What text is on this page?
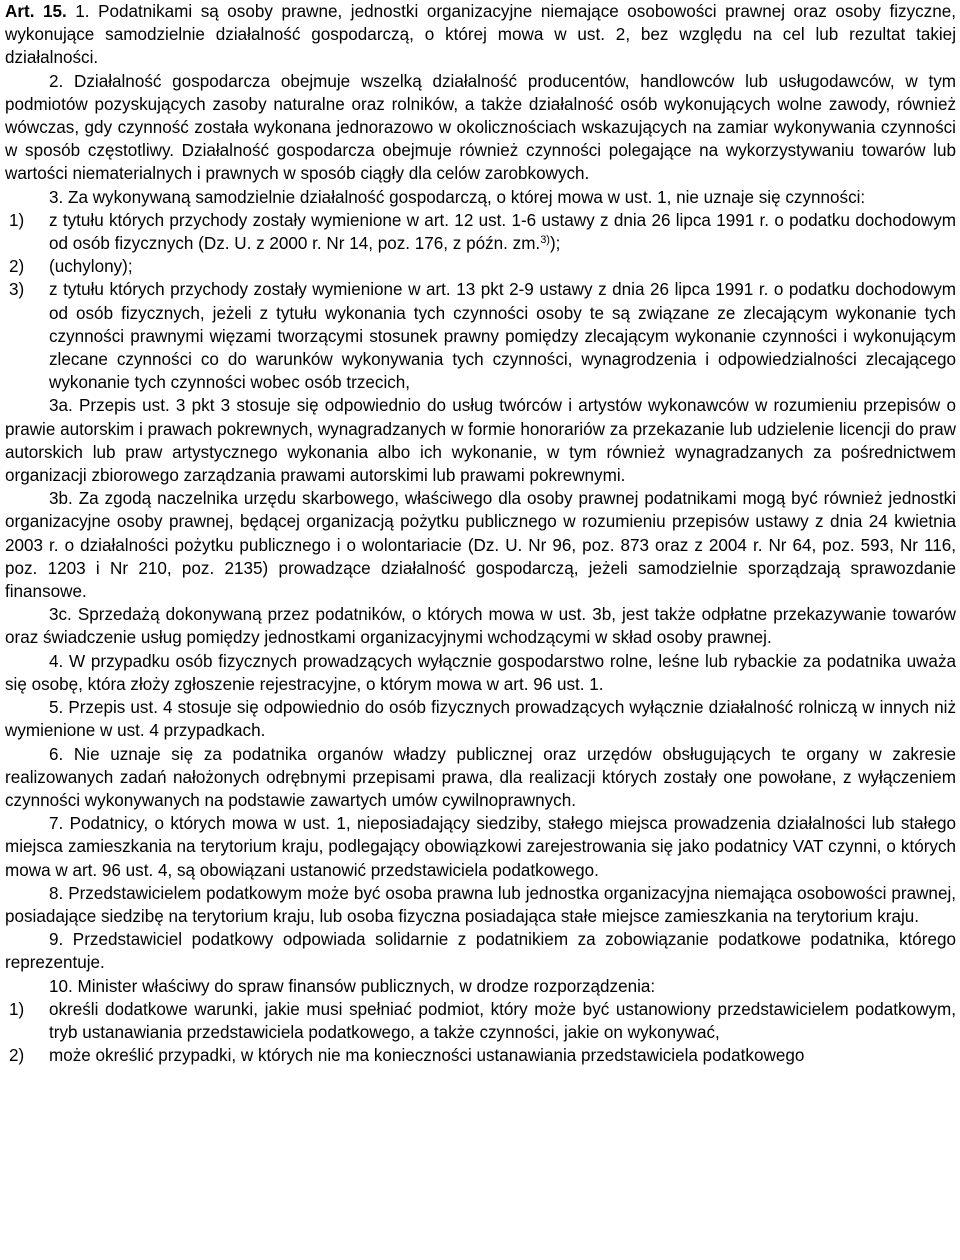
Art. 15. 1. Podatnikami są osoby prawne, jednostki organizacyjne niemające osobowości prawnej oraz osoby fizyczne, wykonujące samodzielnie działalność gospodarczą, o której mowa w ust. 2, bez względu na cel lub rezultat takiej działalności.

2. Działalność gospodarcza obejmuje wszelką działalność producentów, handlowców lub usługodawców, w tym podmiotów pozyskujących zasoby naturalne oraz rolników, a także działalność osób wykonujących wolne zawody, również wówczas, gdy czynność została wykonana jednorazowo w okolicznościach wskazujących na zamiar wykonywania czynności w sposób częstotliwy. Działalność gospodarcza obejmuje również czynności polegające na wykorzystywaniu towarów lub wartości niematerialnych i prawnych w sposób ciągły dla celów zarobkowych.

3. Za wykonywaną samodzielnie działalność gospodarczą, o której mowa w ust. 1, nie uznaje się czynności:

1)	z tytułu których przychody zostały wymienione w art. 12 ust. 1-6 ustawy z dnia 26 lipca 1991 r. o podatku dochodowym od osób fizycznych (Dz. U. z 2000 r. Nr 14, poz. 176, z późn. zm.$^{3)}$);
2)	(uchylony);
3)	z tytułu których przychody zostały wymienione w art. 13 pkt 2-9 ustawy z dnia 26 lipca 1991 r. o podatku dochodowym od osób fizycznych, jeżeli z tytułu wykonania tych czynności osoby te są związane ze zlecającym wykonanie tych czynności prawnymi więzami tworzącymi stosunek prawny pomiędzy zlecającym wykonanie czynności i wykonującym zlecane czynności co do warunków wykonywania tych czynności, wynagrodzenia i odpowiedzialności zlecającego wykonanie tych czynności wobec osób trzecich,

3a. Przepis ust. 3 pkt 3 stosuje się odpowiednio do usług twórców i artystów wykonawców w rozumieniu przepisów o prawie autorskim i prawach pokrewnych, wynagradzanych w formie honorariów za przekazanie lub udzielenie licencji do praw autorskich lub praw artystycznego wykonania albo ich wykonanie, w tym również wynagradzanych za pośrednictwem organizacji zbiorowego zarządzania prawami autorskimi lub prawami pokrewnymi.

3b. Za zgodą naczelnika urzędu skarbowego, właściwego dla osoby prawnej podatnikami mogą być również jednostki organizacyjne osoby prawnej, będącej organizacją pożytku publicznego w rozumieniu przepisów ustawy z dnia 24 kwietnia 2003 r. o działalności pożytku publicznego i o wolontariacie (Dz. U. Nr 96, poz. 873 oraz z 2004 r. Nr 64, poz. 593, Nr 116, poz. 1203 i Nr 210, poz. 2135) prowadzące działalność gospodarczą, jeżeli samodzielnie sporządzają sprawozdanie finansowe.

3c. Sprzedażą dokonywaną przez podatników, o których mowa w ust. 3b, jest także odpłatne przekazywanie towarów oraz świadczenie usług pomiędzy jednostkami organizacyjnymi wchodzącymi w skład osoby prawnej.

4. W przypadku osób fizycznych prowadzących wyłącznie gospodarstwo rolne, leśne lub rybackie za podatnika uważa się osobę, która złoży zgłoszenie rejestracyjne, o którym mowa w art. 96 ust. 1.

5. Przepis ust. 4 stosuje się odpowiednio do osób fizycznych prowadzących wyłącznie działalność rolniczą w innych niż wymienione w ust. 4 przypadkach.

6. Nie uznaje się za podatnika organów władzy publicznej oraz urzędów obsługujących te organy w zakresie realizowanych zadań nałożonych odrębnymi przepisami prawa, dla realizacji których zostały one powołane, z wyłączeniem czynności wykonywanych na podstawie zawartych umów cywilnoprawnych.

7. Podatnicy, o których mowa w ust. 1, nieposiadający siedziby, stałego miejsca prowadzenia działalności lub stałego miejsca zamieszkania na terytorium kraju, podlegający obowiązkowi zarejestrowania się jako podatnicy VAT czynni, o których mowa w art. 96 ust. 4, są obowiązani ustanowić przedstawiciela podatkowego.

8. Przedstawicielem podatkowym może być osoba prawna lub jednostka organizacyjna niemająca osobowości prawnej, posiadające siedzibę na terytorium kraju, lub osoba fizyczna posiadająca stałe miejsce zamieszkania na terytorium kraju.

9. Przedstawiciel podatkowy odpowiada solidarnie z podatnikiem za zobowiązanie podatkowe podatnika, którego reprezentuje.

10. Minister właściwy do spraw finansów publicznych, w drodze rozporządzenia:

1)	określi dodatkowe warunki, jakie musi spełniać podmiot, który może być ustanowiony przedstawicielem podatkowym, tryb ustanawiania przedstawiciela podatkowego, a także czynności, jakie on wykonywać,
2)	może określić przypadki, w których nie ma konieczności ustanawiania przedstawiciela podatkowego
